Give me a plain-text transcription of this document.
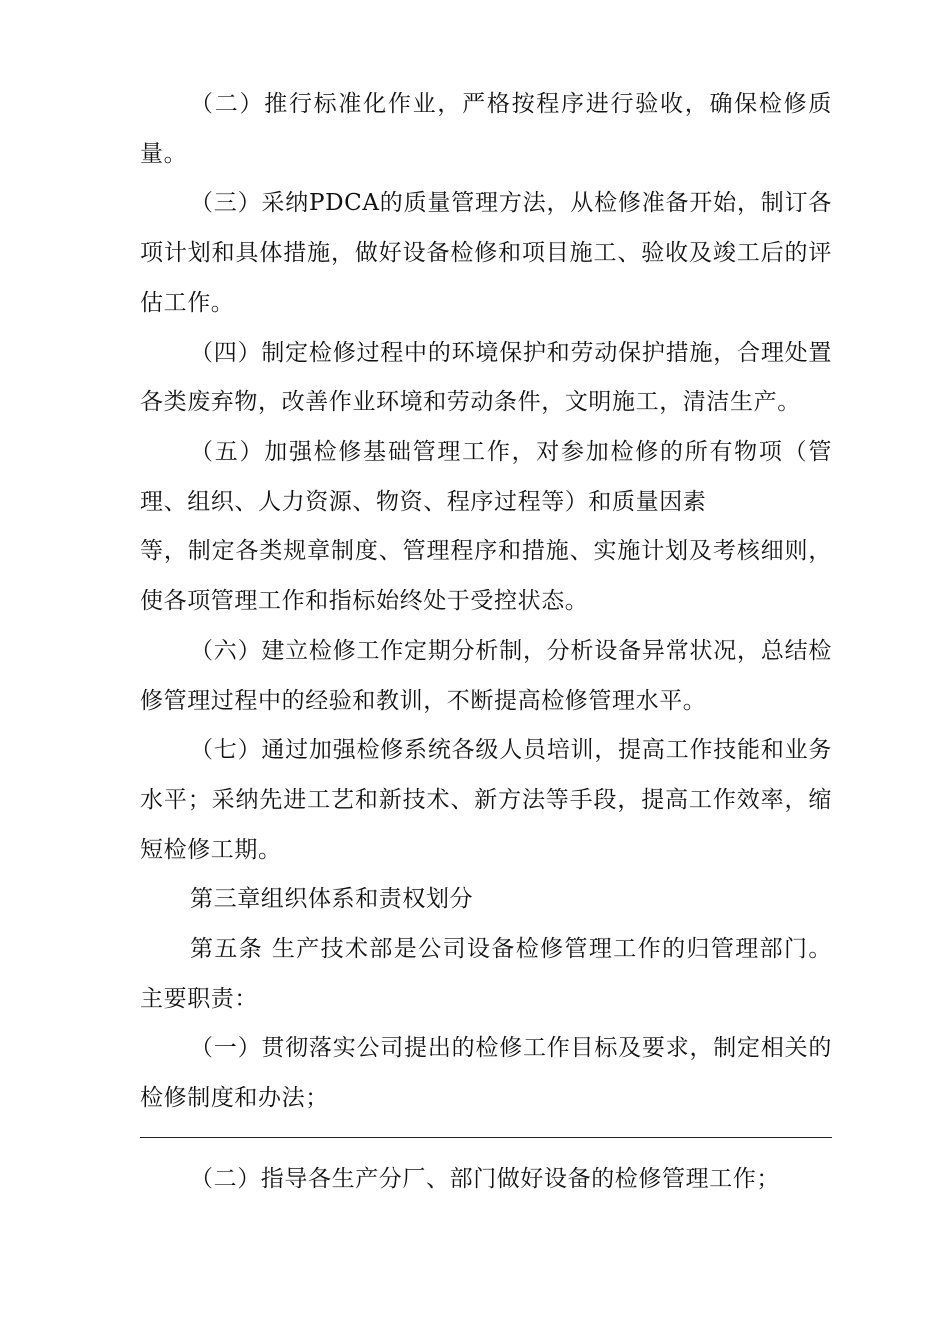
（二）推行标准化作业，严格按程序进行验收，确保检修质
量。
（三）采纳PDCA的质量管理方法，从检修准备开始，制订各
项计划和具体措施，做好设备检修和项目施工、验收及竣工后的评
估工作。
（四）制定检修过程中的环境保护和劳动保护措施，合理处置
各类废弃物，改善作业环境和劳动条件，文明施工，清洁生产。
（五）加强检修基础管理工作，对参加检修的所有物项（管
理、组织、人力资源、物资、程序过程等）和质量因素
等，制定各类规章制度、管理程序和措施、实施计划及考核细则，
使各项管理工作和指标始终处于受控状态。
（六）建立检修工作定期分析制，分析设备异常状况，总结检
修管理过程中的经验和教训，不断提高检修管理水平。
（七）通过加强检修系统各级人员培训，提高工作技能和业务
水平；采纳先进工艺和新技术、新方法等手段，提高工作效率，缩
短检修工期。
第三章组织体系和责权划分
第五条 生产技术部是公司设备检修管理工作的归管理部门。
主要职责：
（一）贯彻落实公司提出的检修工作目标及要求，制定相关的
检修制度和办法；
（二）指导各生产分厂、部门做好设备的检修管理工作；
